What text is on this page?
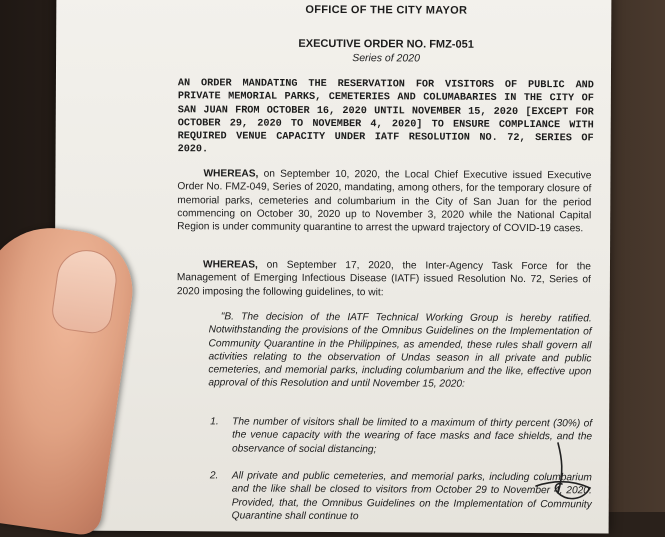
OFFICE OF THE CITY MAYOR
EXECUTIVE ORDER NO. FMZ-051
Series of 2020

AN ORDER MANDATING THE RESERVATION FOR VISITORS OF PUBLIC AND PRIVATE MEMORIAL PARKS, CEMETERIES AND COLUMABARIES IN THE CITY OF SAN JUAN FROM OCTOBER 16, 2020 UNTIL NOVEMBER 15, 2020 [EXCEPT FOR OCTOBER 29, 2020 TO NOVEMBER 4, 2020] TO ENSURE COMPLIANCE WITH REQUIRED VENUE CAPACITY UNDER IATF RESOLUTION NO. 72, SERIES OF 2020.

WHEREAS, on September 10, 2020, the Local Chief Executive issued Executive Order No. FMZ-049, Series of 2020, mandating, among others, for the temporary closure of memorial parks, cemeteries and columbarium in the City of San Juan for the period commencing on October 30, 2020 up to November 3, 2020 while the National Capital Region is under community quarantine to arrest the upward trajectory of COVID-19 cases.

WHEREAS, on September 17, 2020, the Inter-Agency Task Force for the Management of Emerging Infectious Disease (IATF) issued Resolution No. 72, Series of 2020 imposing the following guidelines, to wit:

"B. The decision of the IATF Technical Working Group is hereby ratified. Notwithstanding the provisions of the Omnibus Guidelines on the Implementation of Community Quarantine in the Philippines, as amended, these rules shall govern all activities relating to the observation of Undas season in all private and public cemeteries, and memorial parks, including columbarium and the like, effective upon approval of this Resolution and until November 15, 2020:

1. The number of visitors shall be limited to a maximum of thirty percent (30%) of the venue capacity with the wearing of face masks and face shields, and the observance of social distancing;
2. All private and public cemeteries, and memorial parks, including columbarium and the like shall be closed to visitors from October 29 to November 4, 2020. Provided, that, the Omnibus Guidelines on the Implementation of Community Quarantine shall continue to
